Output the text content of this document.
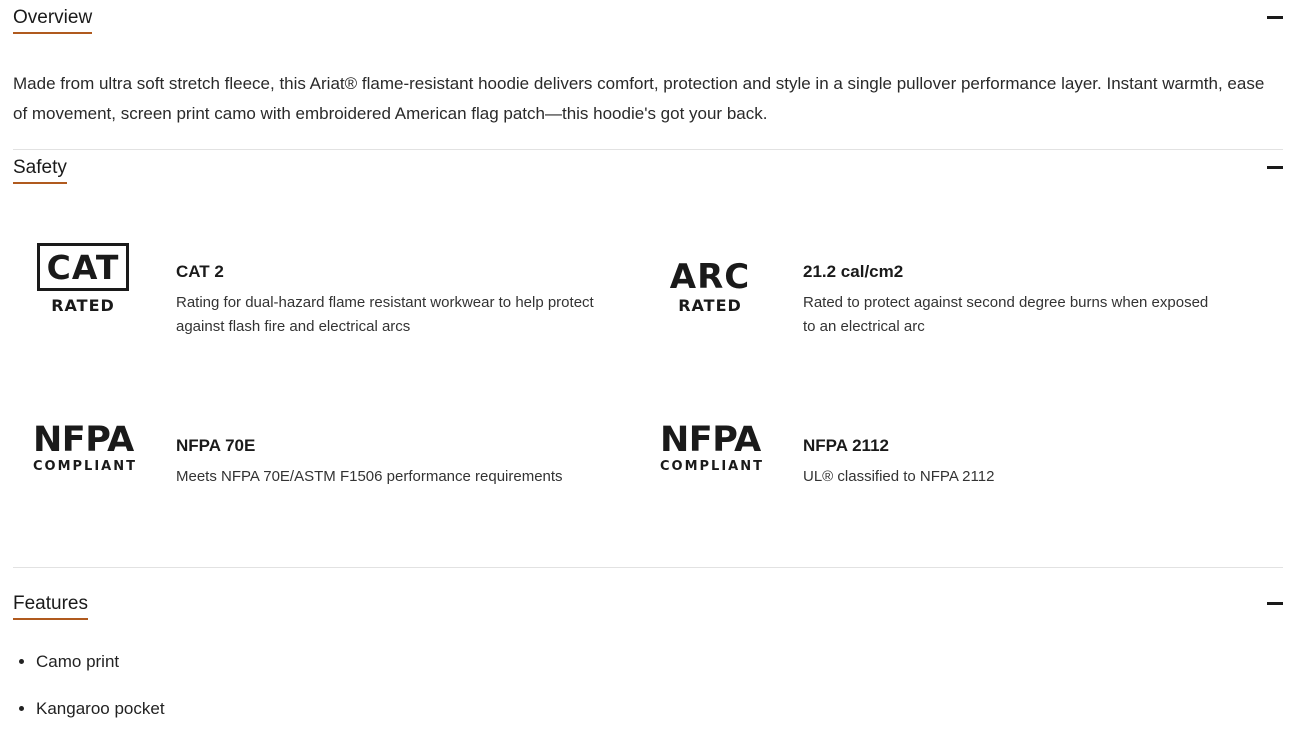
Overview
Made from ultra soft stretch fleece, this Ariat® flame-resistant hoodie delivers comfort, protection and style in a single pullover performance layer. Instant warmth, ease of movement, screen print camo with embroidered American flag patch—this hoodie's got your back.
Safety
CAT
RATED
CAT 2
Rating for dual-hazard flame resistant workwear to help protect against flash fire and electrical arcs
ARC
RATED
21.2 cal/cm2
Rated to protect against second degree burns when exposed to an electrical arc
NFPA
COMPLIANT
NFPA 70E
Meets NFPA 70E/ASTM F1506 performance requirements
NFPA
COMPLIANT
NFPA 2112
UL® classified to NFPA 2112
Features
• Camo print
• Kangaroo pocket
